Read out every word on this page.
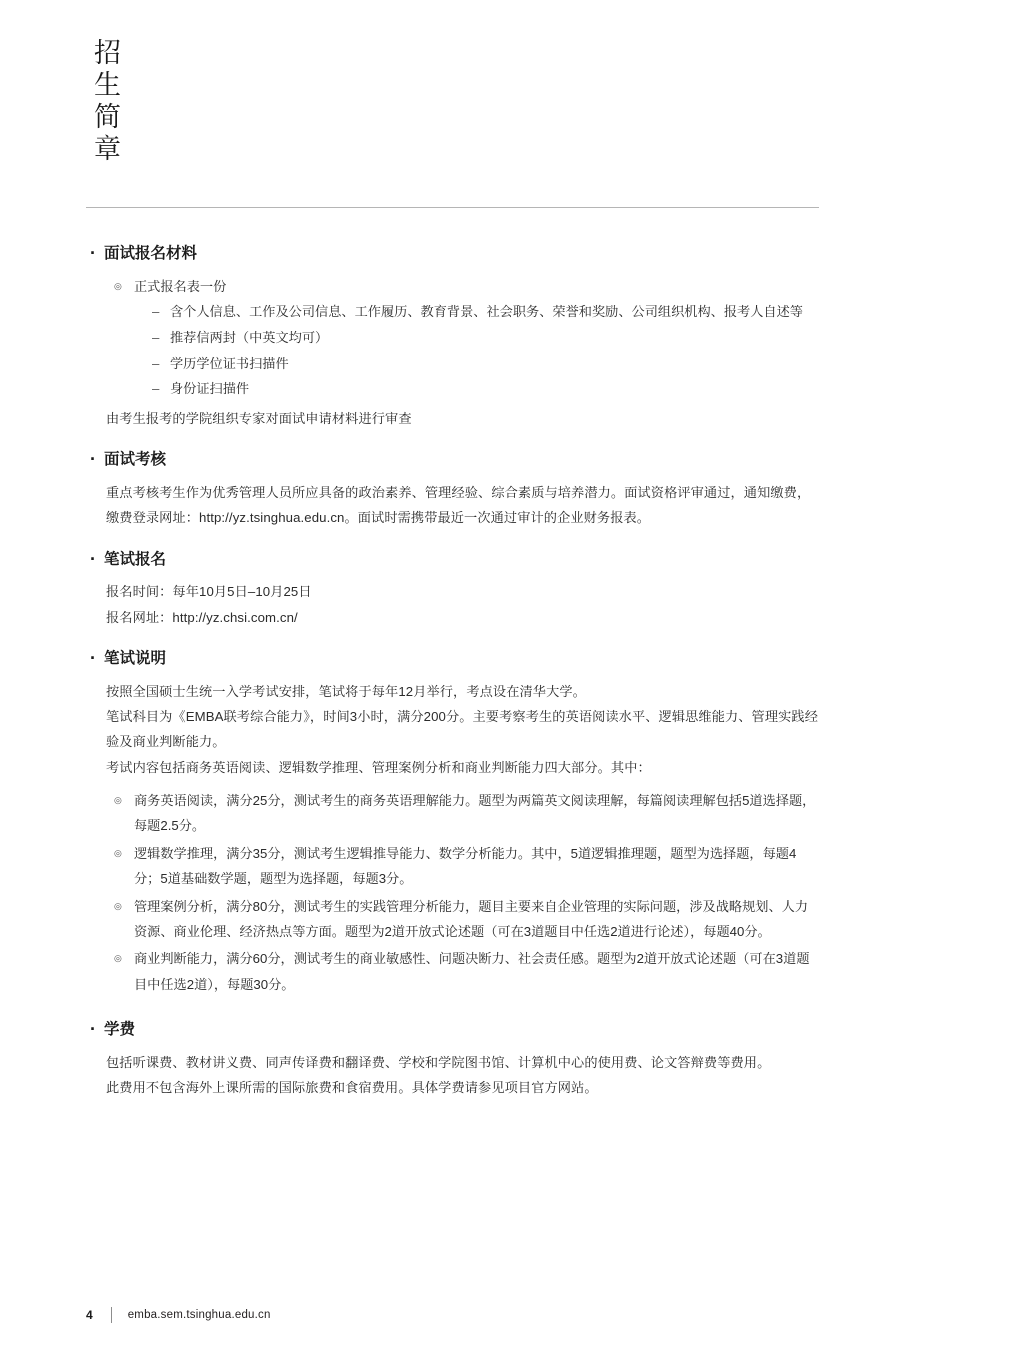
招
生
简
章
· 面试报名材料
◎ 正式报名表一份
– 含个人信息、工作及公司信息、工作履历、教育背景、社会职务、荣誉和奖励、公司组织机构、报考人自述等
– 推荐信两封（中英文均可）
– 学历学位证书扫描件
– 身份证扫描件

由考生报考的学院组织专家对面试申请材料进行审查

· 面试考核

重点考核考生作为优秀管理人员所应具备的政治素养、管理经验、综合素质与培养潜力。面试资格评审通过，通知缴费，缴费登录网址：http://yz.tsinghua.edu.cn。面试时需携带最近一次通过审计的企业财务报表。

· 笔试报名

报名时间：每年10月5日–10月25日

报名网址：http://yz.chsi.com.cn/

· 笔试说明

按照全国硕士生统一入学考试安排，笔试将于每年12月举行，考点设在清华大学。

笔试科目为《EMBA联考综合能力》，时间3小时，满分200分。主要考察考生的英语阅读水平、逻辑思维能力、管理实践经验及商业判断能力。

考试内容包括商务英语阅读、逻辑数学推理、管理案例分析和商业判断能力四大部分。其中：

◎ 商务英语阅读，满分25分，测试考生的商务英语理解能力。题型为两篇英文阅读理解，每篇阅读理解包括5道选择题，每题2.5分。
◎ 逻辑数学推理，满分35分，测试考生逻辑推导能力、数学分析能力。其中，5道逻辑推理题，题型为选择题，每题4分；5道基础数学题，题型为选择题，每题3分。
◎ 管理案例分析，满分80分，测试考生的实践管理分析能力，题目主要来自企业管理的实际问题，涉及战略规划、人力资源、商业伦理、经济热点等方面。题型为2道开放式论述题（可在3道题目中任选2道进行论述），每题40分。
◎ 商业判断能力，满分60分，测试考生的商业敏感性、问题决断力、社会责任感。题型为2道开放式论述题（可在3道题目中任选2道），每题30分。
· 学费

包括听课费、教材讲义费、同声传译费和翻译费、学校和学院图书馆、计算机中心的使用费、论文答辩费等费用。

此费用不包含海外上课所需的国际旅费和食宿费用。具体学费请参见项目官方网站。

4	emba.sem.tsinghua.edu.cn
